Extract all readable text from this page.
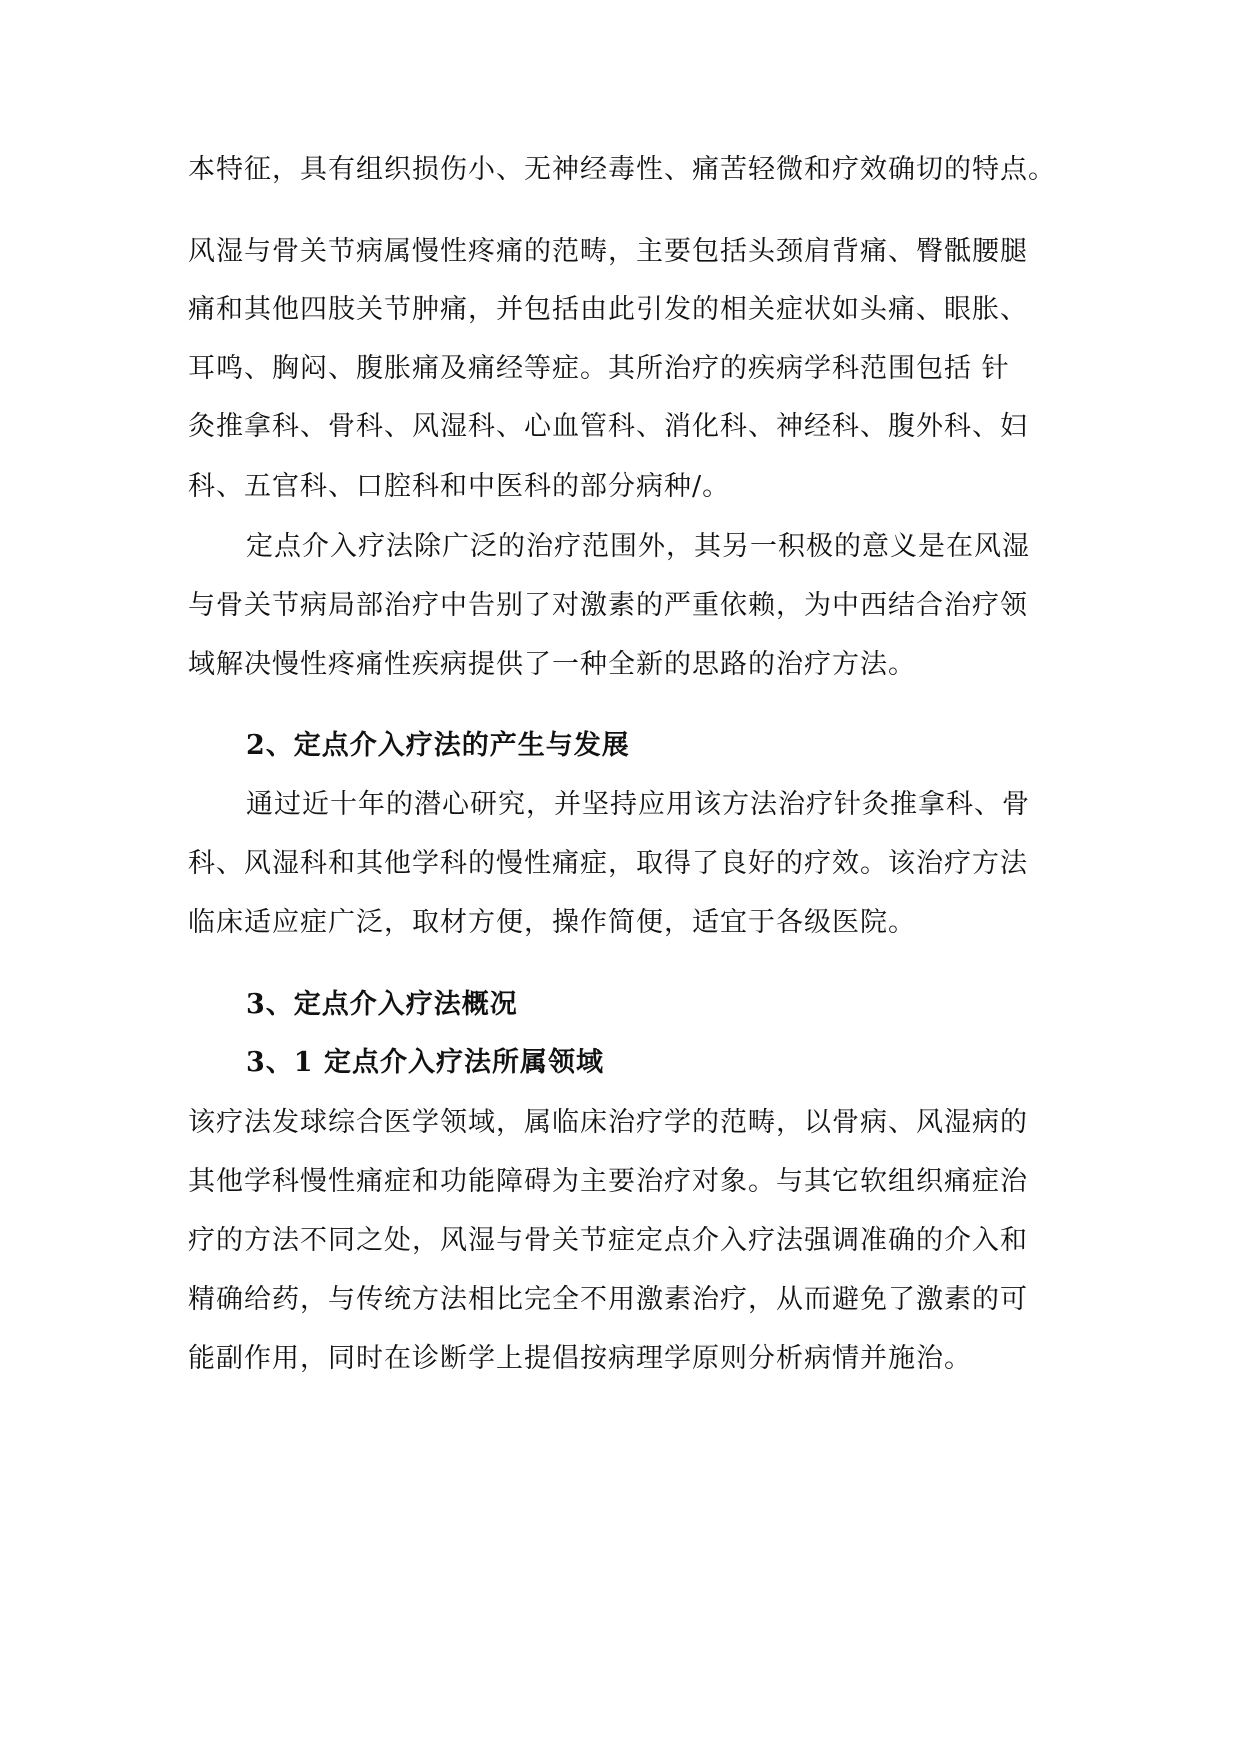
本特征，具有组织损伤小、无神经毒性、痛苦轻微和疗效确切的特点。
风湿与骨关节病属慢性疼痛的范畴，主要包括头颈肩背痛、臀骶腰腿
痛和其他四肢关节肿痛，并包括由此引发的相关症状如头痛、眼胀、
耳鸣、胸闷、腹胀痛及痛经等症。其所治疗的疾病学科范围包括 针
灸推拿科、骨科、风湿科、心血管科、消化科、神经科、腹外科、妇
科、五官科、口腔科和中医科的部分病种/。
定点介入疗法除广泛的治疗范围外，其另一积极的意义是在风湿
与骨关节病局部治疗中告别了对激素的严重依赖，为中西结合治疗领
域解决慢性疼痛性疾病提供了一种全新的思路的治疗方法。
2、定点介入疗法的产生与发展
通过近十年的潜心研究，并坚持应用该方法治疗针灸推拿科、骨
科、风湿科和其他学科的慢性痛症，取得了良好的疗效。该治疗方法
临床适应症广泛，取材方便，操作简便，适宜于各级医院。
3、定点介入疗法概况
3、1 定点介入疗法所属领域
该疗法发球综合医学领域，属临床治疗学的范畴，以骨病、风湿病的
其他学科慢性痛症和功能障碍为主要治疗对象。与其它软组织痛症治
疗的方法不同之处，风湿与骨关节症定点介入疗法强调准确的介入和
精确给药，与传统方法相比完全不用激素治疗，从而避免了激素的可
能副作用，同时在诊断学上提倡按病理学原则分析病情并施治。
